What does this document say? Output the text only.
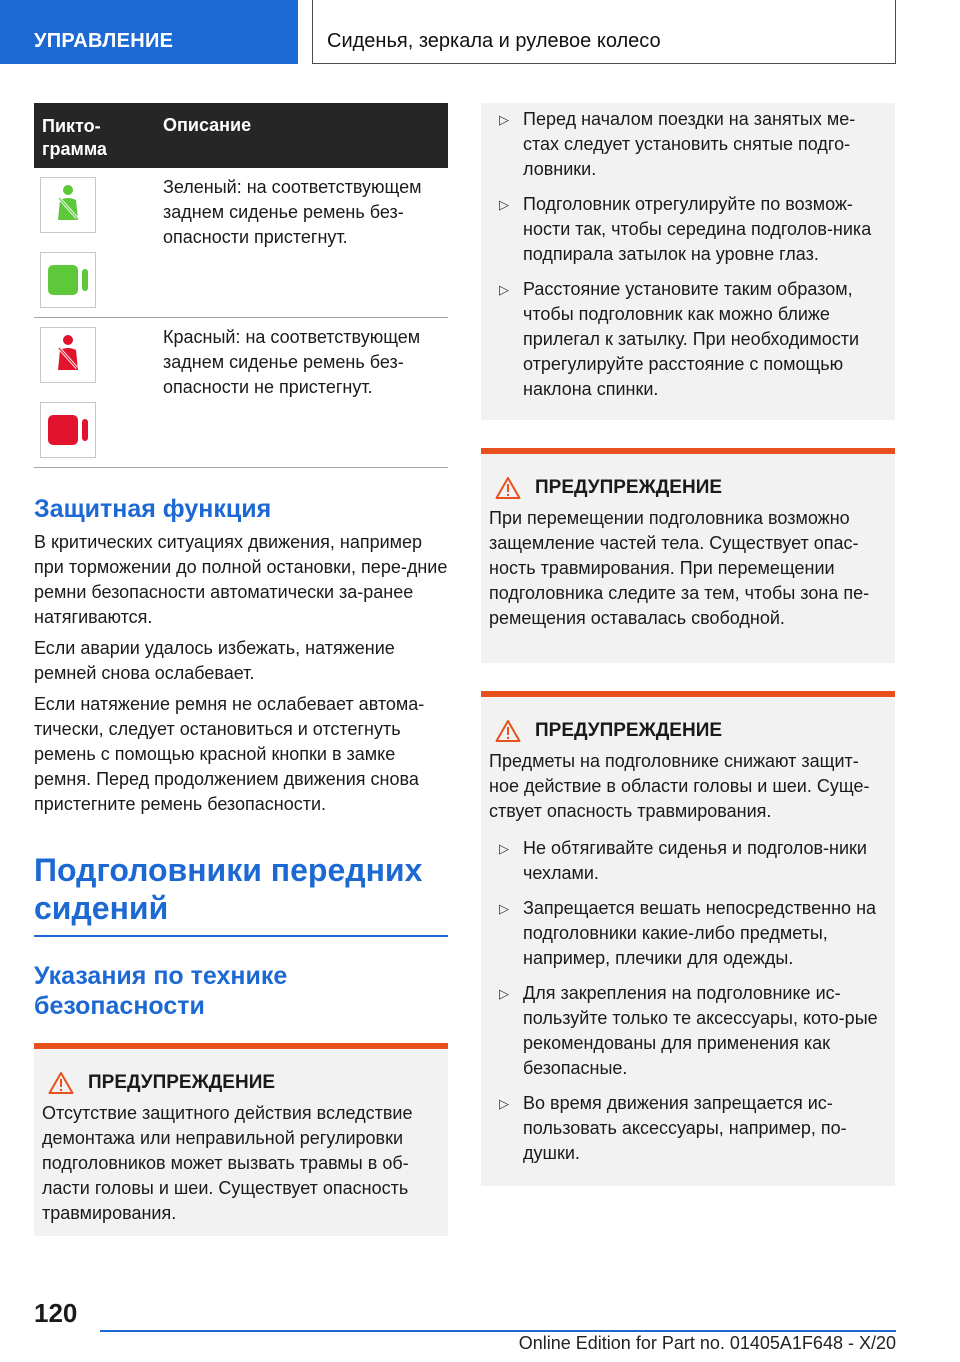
УПРАВЛЕНИЕ	Сиденья, зеркала и рулевое колесо
Пикто-
грамма
Описание
Зеленый: на соответствующем заднем сиденье ремень без-опасности пристегнут.
Красный: на соответствующем заднем сиденье ремень без-опасности не пристегнут.
Защитная функция

В критических ситуациях движения, например при торможении до полной остановки, пере-дние ремни безопасности автоматически за-ранее натягиваются.

Если аварии удалось избежать, натяжение ремней снова ослабевает.

Если натяжение ремня не ослабевает автома-тически, следует остановиться и отстегнуть ремень с помощью красной кнопки в замке ремня. Перед продолжением движения снова пристегните ремень безопасности.

Подголовники передних сидений
Указания по технике безопасности
ПРЕДУПРЕЖДЕНИЕ

Отсутствие защитного действия вследствие демонтажа или неправильной регулировки подголовников может вызвать травмы в об-ласти головы и шеи. Существует опасность травмирования.

▷ Перед началом поездки на занятых ме-стах следует установить снятые подго-ловники.
▷ Подголовник отрегулируйте по возмож-ности так, чтобы середина подголов-ника подпирала затылок на уровне глаз.
▷ Расстояние установите таким образом, чтобы подголовник как можно ближе прилегал к затылку. При необходимости отрегулируйте расстояние с помощью наклона спинки.
ПРЕДУПРЕЖДЕНИЕ

При перемещении подголовника возможно защемление частей тела. Существует опас-ность травмирования. При перемещении подголовника следите за тем, чтобы зона пе-ремещения оставалась свободной.

ПРЕДУПРЕЖДЕНИЕ

Предметы на подголовнике снижают защит-ное действие в области головы и шеи. Суще-ствует опасность травмирования.

▷ Не обтягивайте сиденья и подголов-ники чехлами.
▷ Запрещается вешать непосредственно на подголовники какие-либо предметы, например, плечики для одежды.
▷ Для закрепления на подголовнике ис-пользуйте только те аксессуары, кото-рые рекомендованы для применения как безопасные.
▷ Во время движения запрещается ис-пользовать аксессуары, например, по-душки.
120
Online Edition for Part no. 01405A1F648 - X/20
